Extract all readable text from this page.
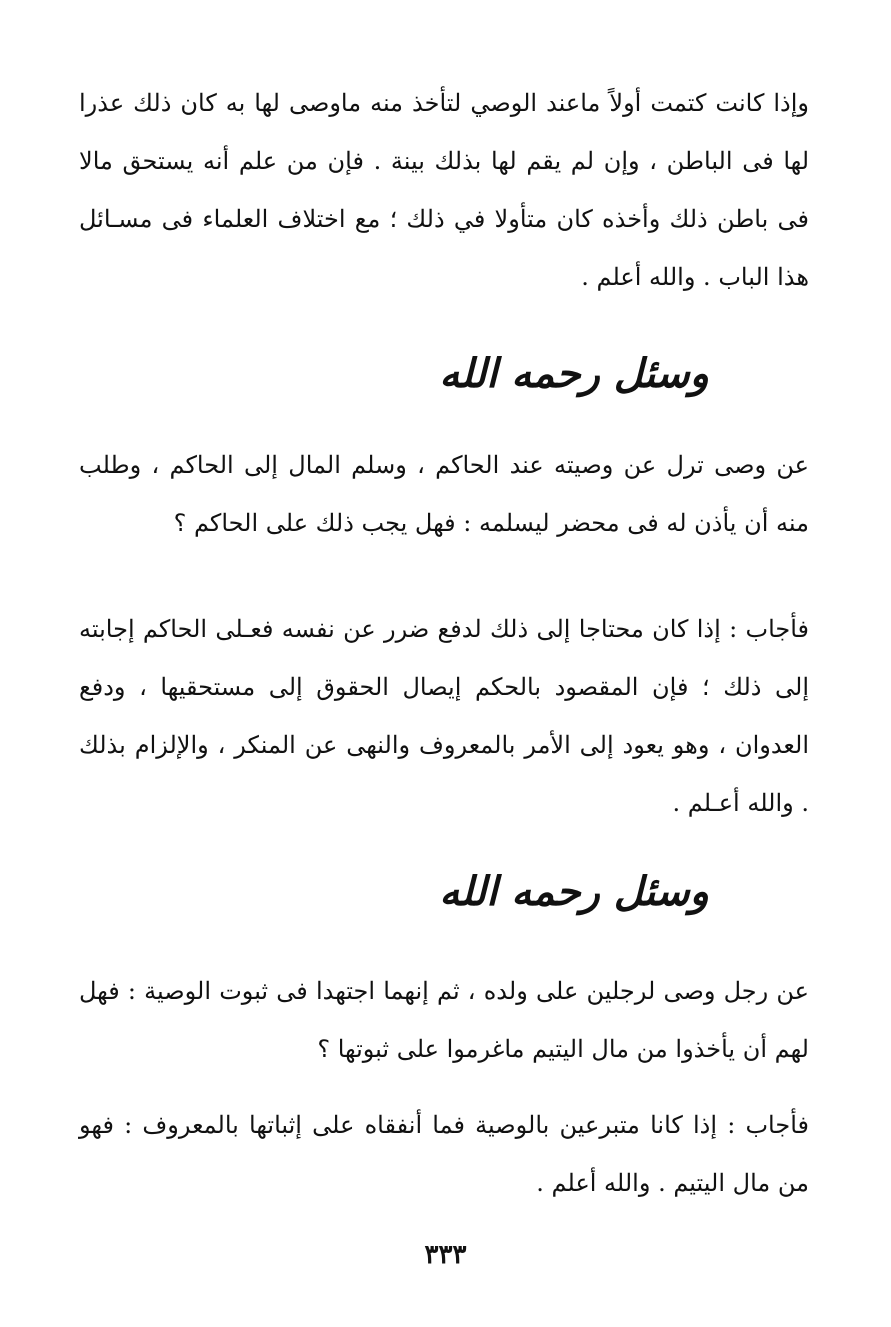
وإذا كانت كتمت أولاً ماعند الوصي لتأخذ منه ماوصى لها به كان ذلك عذرا لها فى الباطن ، وإن لم يقم لها بذلك بينة . فإن من علم أنه يستحق مالا فى باطن ذلك وأخذه كان متأولا في ذلك ؛ مع اختلاف العلماء فى مسـائل هذا الباب . والله أعلم .

وسئل رحمه الله

عن وصى ترل عن وصيته عند الحاكم ، وسلم المال إلى الحاكم ، وطلب منه أن يأذن له فى محضر ليسلمه : فهل يجب ذلك على الحاكم ؟

فأجاب : إذا كان محتاجا إلى ذلك لدفع ضرر عن نفسه فعـلى الحاكم إجابته إلى ذلك ؛ فإن المقصود بالحكم إيصال الحقوق إلى مستحقيها ، ودفع العدوان ، وهو يعود إلى الأمر بالمعروف والنهى عن المنكر ، والإلزام بذلك . والله أعـلم .

وسئل رحمه الله

عن رجل وصى لرجلين على ولده ، ثم إنهما اجتهدا فى ثبوت الوصية : فهل لهم أن يأخذوا من مال اليتيم ماغرموا على ثبوتها ؟

فأجاب : إذا كانا متبرعين بالوصية فما أنفقاه على إثباتها بالمعروف : فهو من مال اليتيم . والله أعلم .

٣٣٣
